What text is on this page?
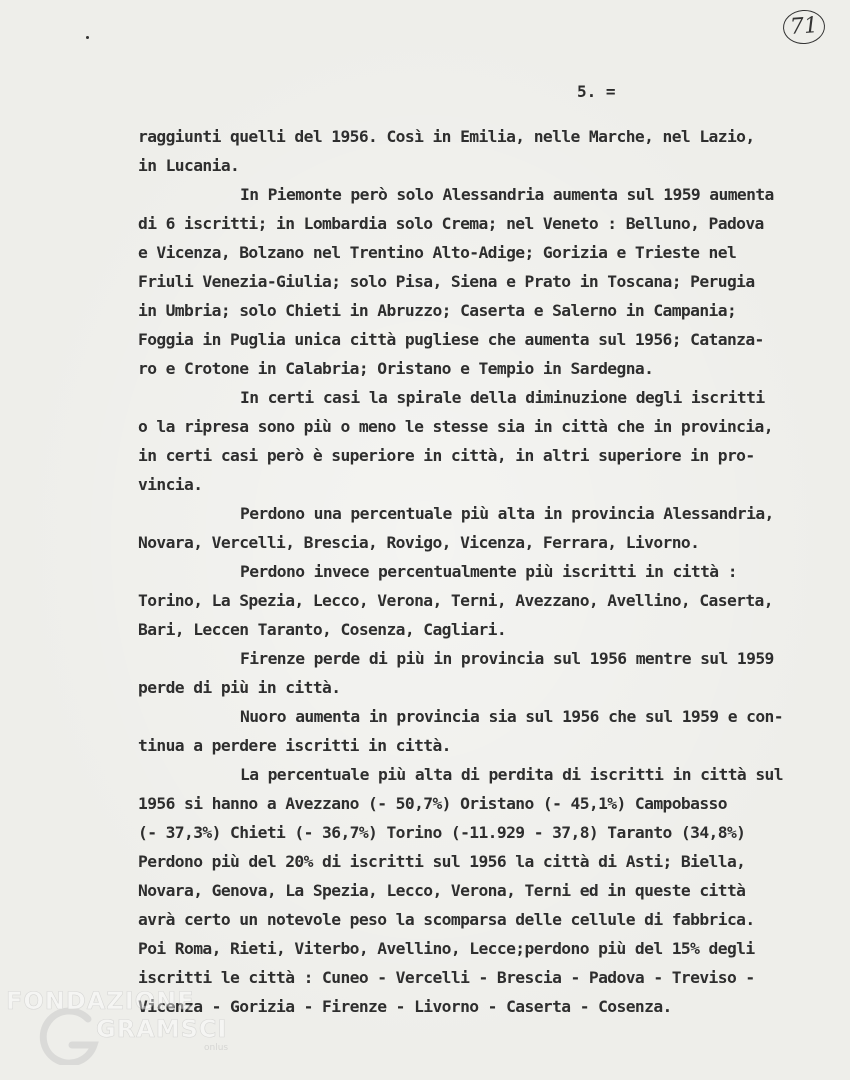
71
5. =
raggiunti quelli del 1956. Così in Emilia, nelle Marche, nel Lazio,
in Lucania.
In Piemonte però solo Alessandria aumenta sul 1959 aumenta
di 6 iscritti; in Lombardia solo Crema; nel Veneto : Belluno, Padova
e Vicenza, Bolzano nel Trentino Alto-Adige; Gorizia e Trieste nel
Friuli Venezia-Giulia; solo Pisa, Siena e Prato in Toscana; Perugia
in Umbria; solo Chieti in Abruzzo; Caserta e Salerno in Campania;
Foggia in Puglia unica città pugliese che aumenta sul 1956; Catanza-
ro e Crotone in Calabria; Oristano e Tempio in Sardegna.
In certi casi la spirale della diminuzione degli iscritti
o la ripresa sono più o meno le stesse sia in città che in provincia,
in certi casi però è superiore in città, in altri superiore in pro-
vincia.
Perdono una percentuale più alta in provincia Alessandria,
Novara, Vercelli, Brescia, Rovigo, Vicenza, Ferrara, Livorno.
Perdono invece percentualmente più iscritti in città :
Torino, La Spezia, Lecco, Verona, Terni, Avezzano, Avellino, Caserta,
Bari, Leccen Taranto, Cosenza, Cagliari.
Firenze perde di più in provincia sul 1956 mentre sul 1959
perde di più in città.
Nuoro aumenta in provincia sia sul 1956 che sul 1959 e con-
tinua a perdere iscritti in città.
La percentuale più alta di perdita di iscritti in città sul
1956 si hanno a Avezzano (- 50,7%) Oristano (- 45,1%) Campobasso
(- 37,3%) Chieti (- 36,7%) Torino (-11.929 - 37,8) Taranto (34,8%)
Perdono più del 20% di iscritti sul 1956 la città di Asti; Biella,
Novara, Genova, La Spezia, Lecco, Verona, Terni ed in queste città
avrà certo un notevole peso la scomparsa delle cellule di fabbrica.
Poi Roma, Rieti, Viterbo, Avellino, Lecce;perdono più del 15% degli
iscritti le città : Cuneo - Vercelli - Brescia - Padova - Treviso -
Vicenza - Gorizia - Firenze - Livorno - Caserta - Cosenza.
FONDAZIONE
GRAMSCI
onlus
